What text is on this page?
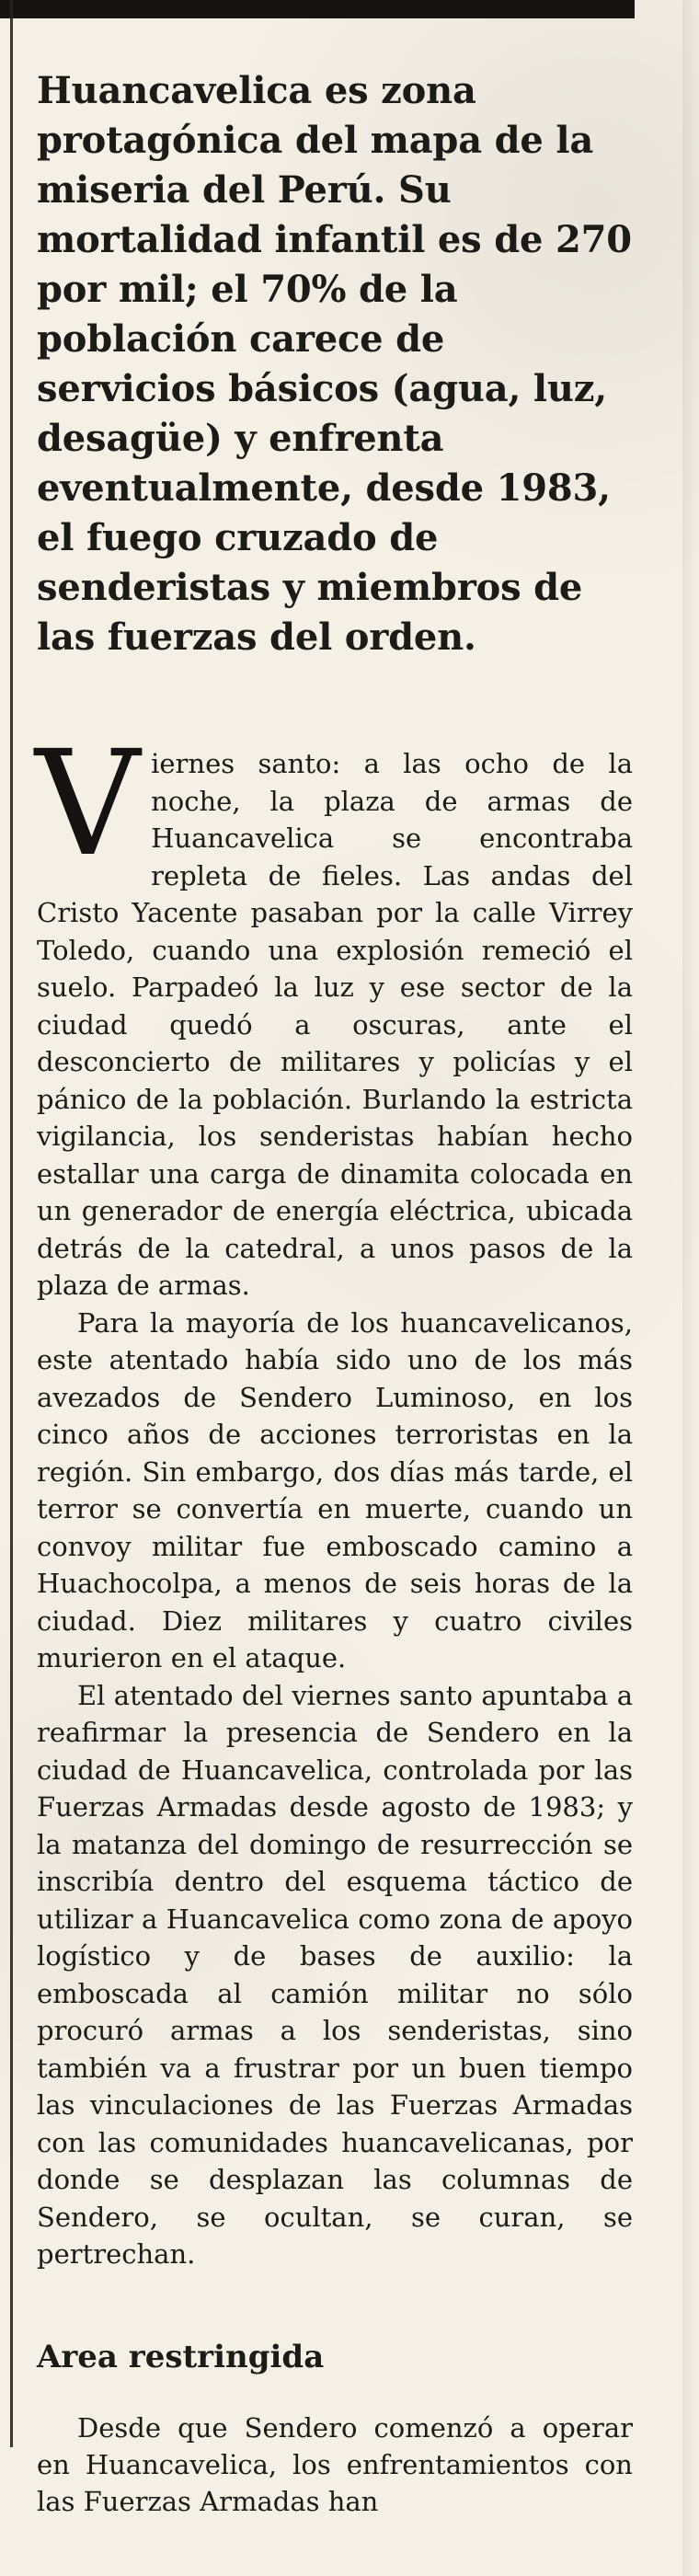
Huancavelica es zona protagónica del mapa de la miseria del Perú. Su mortalidad infantil es de 270 por mil; el 70% de la población carece de servicios básicos (agua, luz, desagüe) y enfrenta eventualmente, desde 1983, el fuego cruzado de senderistas y miembros de las fuerzas del orden.

V iernes santo: a las ocho de la noche, la plaza de armas de Huancavelica se encontraba repleta de fieles. Las andas del Cristo Yacente pasaban por la calle Virrey Toledo, cuando una explosión remeció el suelo. Parpadeó la luz y ese sector de la ciudad quedó a oscuras, ante el desconcierto de militares y policías y el pánico de la población. Burlando la estricta vigilancia, los senderistas habían hecho estallar una carga de dinamita colocada en un generador de energía eléctrica, ubicada detrás de la catedral, a unos pasos de la plaza de armas.

Para la mayoría de los huancavelicanos, este atentado había sido uno de los más avezados de Sendero Luminoso, en los cinco años de acciones terroristas en la región. Sin embargo, dos días más tarde, el terror se convertía en muerte, cuando un convoy militar fue emboscado camino a Huachocolpa, a menos de seis horas de la ciudad. Diez militares y cuatro civiles murieron en el ataque.

El atentado del viernes santo apuntaba a reafirmar la presencia de Sendero en la ciudad de Huancavelica, controlada por las Fuerzas Armadas desde agosto de 1983; y la matanza del domingo de resurrección se inscribía dentro del esquema táctico de utilizar a Huancavelica como zona de apoyo logístico y de bases de auxilio: la emboscada al camión militar no sólo procuró armas a los senderistas, sino también va a frustrar por un buen tiempo las vinculaciones de las Fuerzas Armadas con las comunidades huancavelicanas, por donde se desplazan las columnas de Sendero, se ocultan, se curan, se pertrechan.

Area restringida

Desde que Sendero comenzó a operar en Huancavelica, los enfrentamientos con las Fuerzas Armadas han
